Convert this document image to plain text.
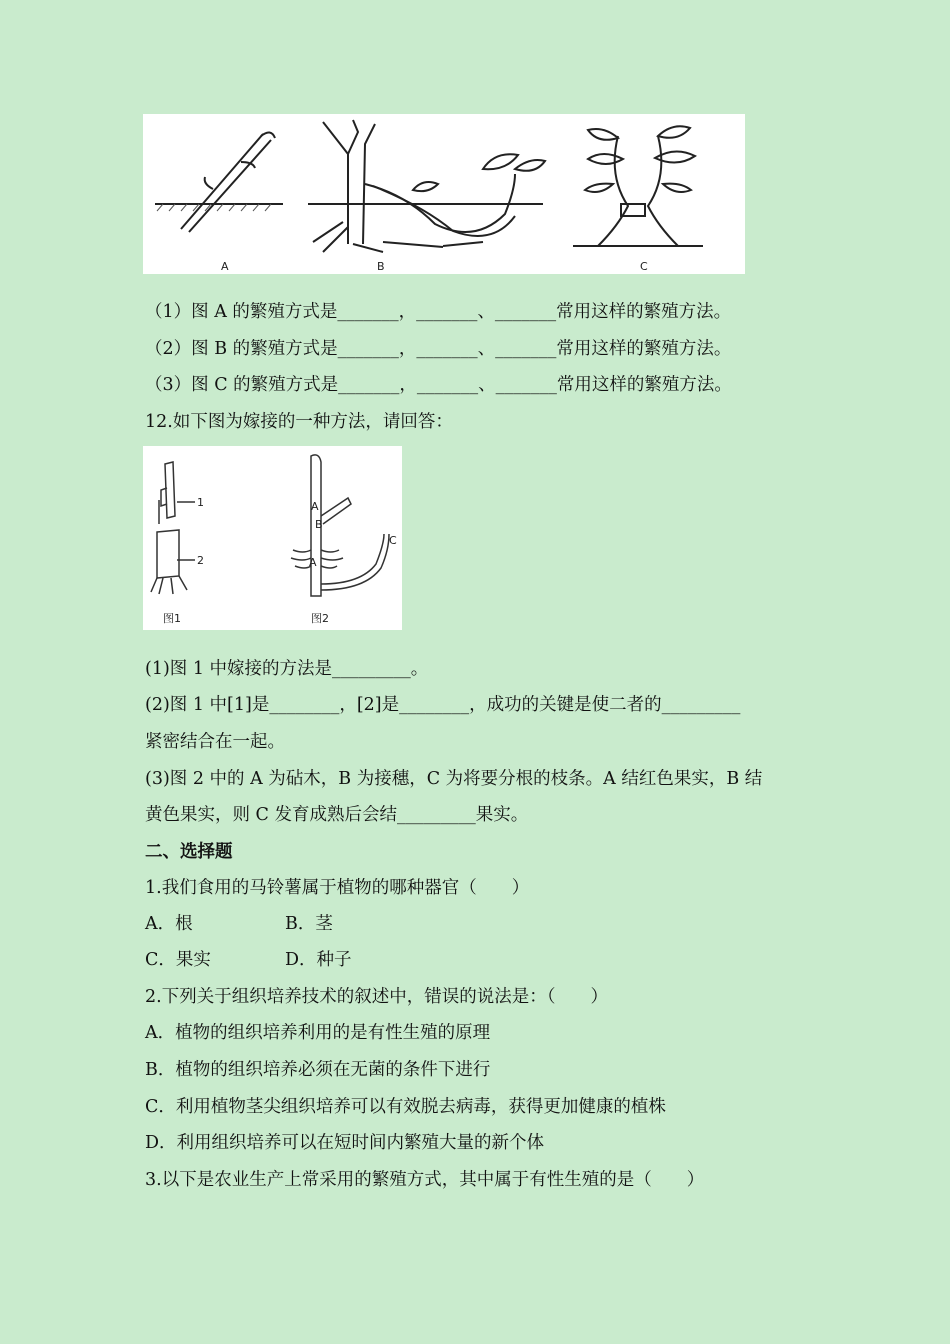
A	B	C
（1）图 A 的繁殖方式是_______，_______、_______常用这样的繁殖方法。
（2）图 B 的繁殖方式是_______，_______、_______常用这样的繁殖方法。
（3）图 C 的繁殖方式是_______，_______、_______常用这样的繁殖方法。
12.如下图为嫁接的一种方法，请回答：
1
2
A
B
A
C
图1	图2
(1)图 1 中嫁接的方法是_________。
(2)图 1 中[1]是________，[2]是________，成功的关键是使二者的_________
紧密结合在一起。
(3)图 2 中的 A 为砧木，B 为接穗，C 为将要分根的枝条。A 结红色果实，B 结
黄色果实，则 C 发育成熟后会结_________果实。
二、选择题
1.我们食用的马铃薯属于植物的哪种器官（　　）
A．根	B．茎
C．果实	D．种子
2.下列关于组织培养技术的叙述中，错误的说法是：（　　）
A．植物的组织培养利用的是有性生殖的原理
B．植物的组织培养必须在无菌的条件下进行
C．利用植物茎尖组织培养可以有效脱去病毒，获得更加健康的植株
D．利用组织培养可以在短时间内繁殖大量的新个体
3.以下是农业生产上常采用的繁殖方式，其中属于有性生殖的是（　　）
